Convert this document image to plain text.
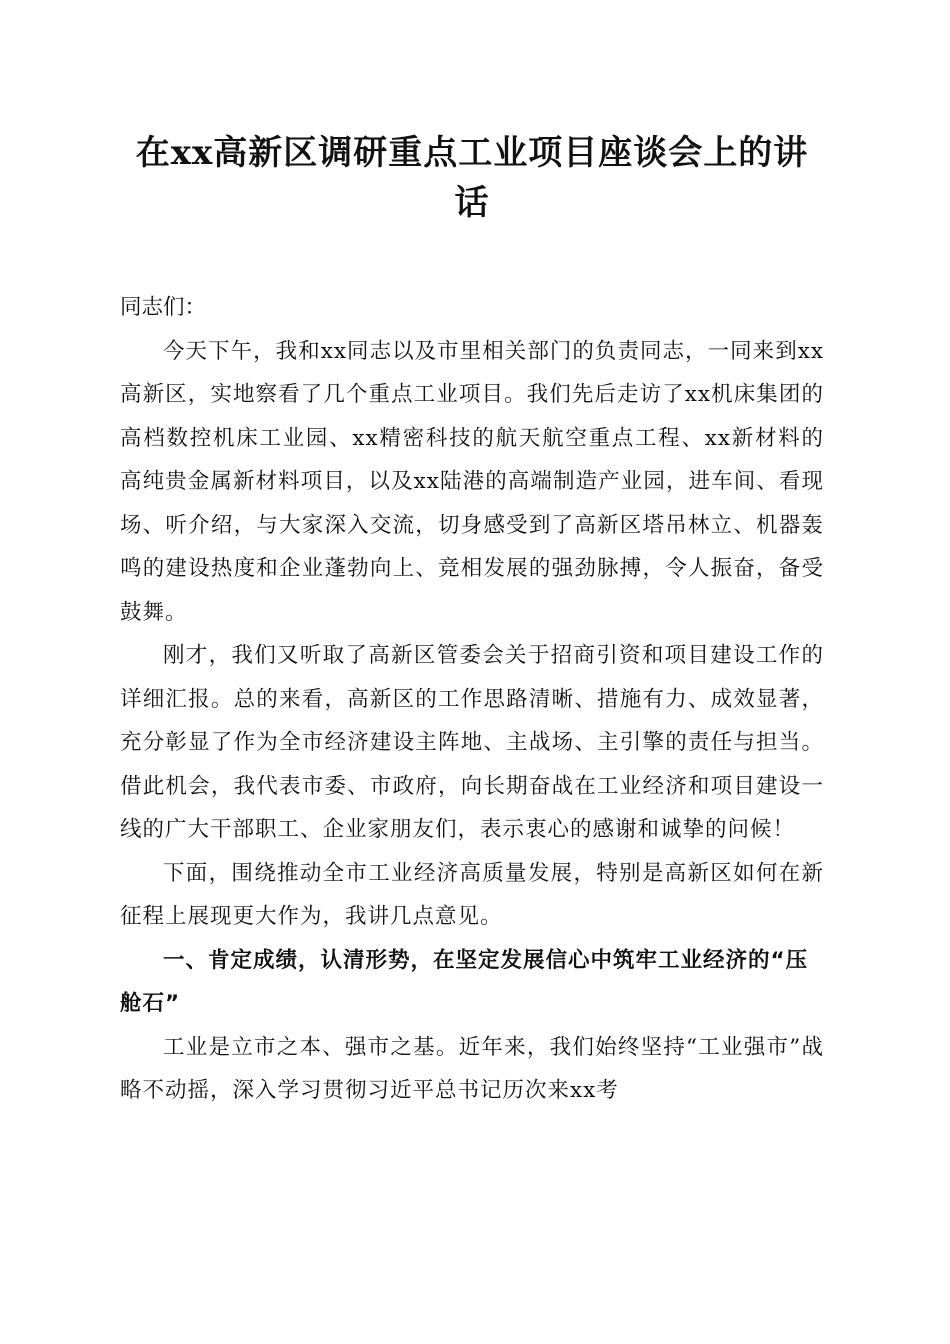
在xx高新区调研重点工业项目座谈会上的讲话

同志们：

今天下午，我和xx同志以及市里相关部门的负责同志，一同来到xx高新区，实地察看了几个重点工业项目。我们先后走访了xx机床集团的高档数控机床工业园、xx精密科技的航天航空重点工程、xx新材料的高纯贵金属新材料项目，以及xx陆港的高端制造产业园，进车间、看现场、听介绍，与大家深入交流，切身感受到了高新区塔吊林立、机器轰鸣的建设热度和企业蓬勃向上、竞相发展的强劲脉搏，令人振奋，备受鼓舞。

刚才，我们又听取了高新区管委会关于招商引资和项目建设工作的详细汇报。总的来看，高新区的工作思路清晰、措施有力、成效显著，充分彰显了作为全市经济建设主阵地、主战场、主引擎的责任与担当。借此机会，我代表市委、市政府，向长期奋战在工业经济和项目建设一线的广大干部职工、企业家朋友们，表示衷心的感谢和诚挚的问候！

下面，围绕推动全市工业经济高质量发展，特别是高新区如何在新征程上展现更大作为，我讲几点意见。

一、肯定成绩，认清形势，在坚定发展信心中筑牢工业经济的“压舱石”

工业是立市之本、强市之基。近年来，我们始终坚持“工业强市”战略不动摇，深入学习贯彻习近平总书记历次来xx考
